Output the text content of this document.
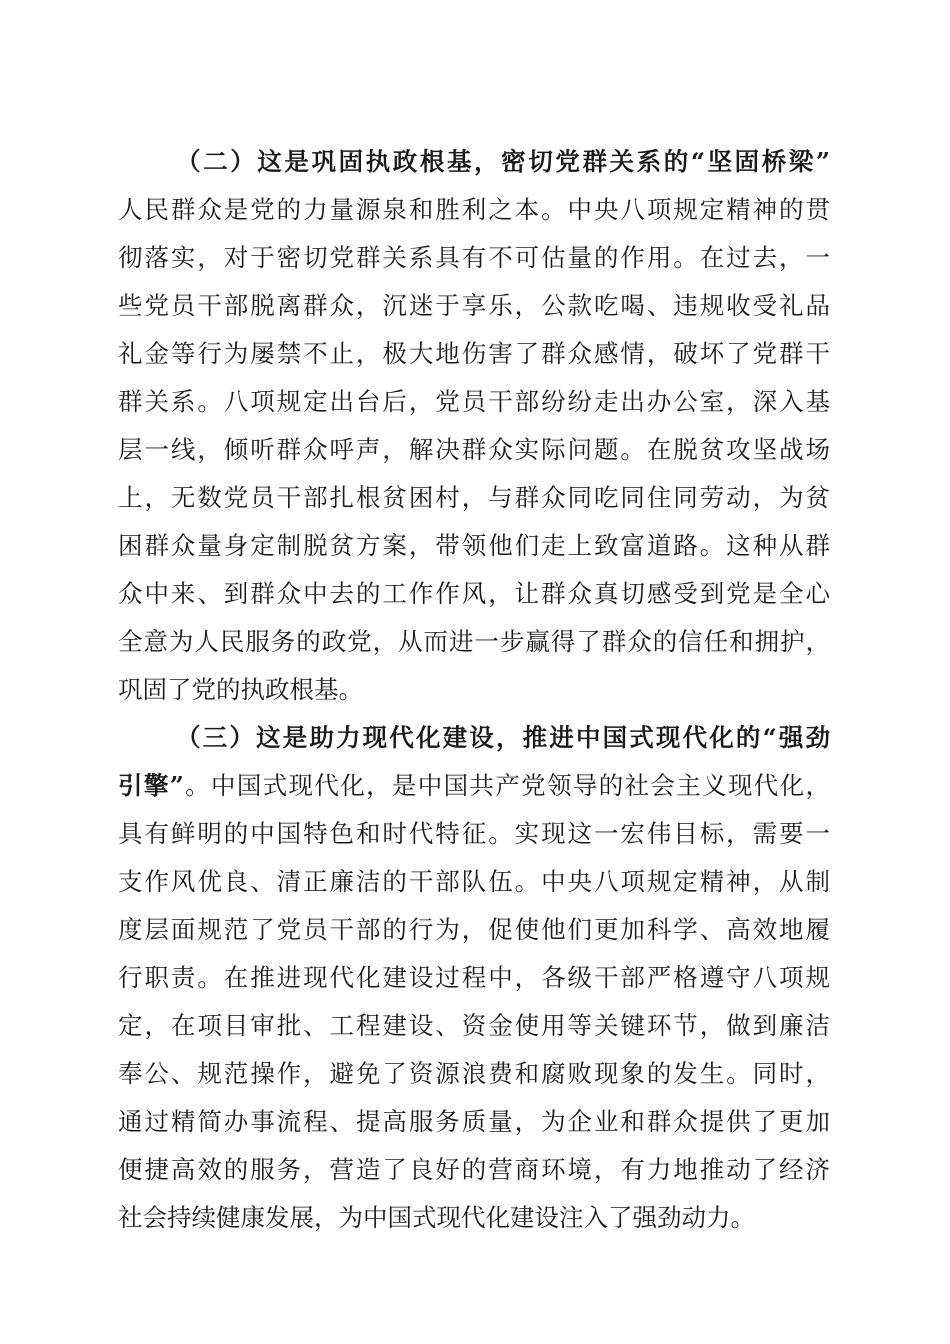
（二）这是巩固执政根基，密切党群关系的“坚固桥梁”
人民群众是党的力量源泉和胜利之本。中央八项规定精神的贯
彻落实，对于密切党群关系具有不可估量的作用。在过去，一
些党员干部脱离群众，沉迷于享乐，公款吃喝、违规收受礼品
礼金等行为屡禁不止，极大地伤害了群众感情，破坏了党群干
群关系。八项规定出台后，党员干部纷纷走出办公室，深入基
层一线，倾听群众呼声，解决群众实际问题。在脱贫攻坚战场
上，无数党员干部扎根贫困村，与群众同吃同住同劳动，为贫
困群众量身定制脱贫方案，带领他们走上致富道路。这种从群
众中来、到群众中去的工作作风，让群众真切感受到党是全心
全意为人民服务的政党，从而进一步赢得了群众的信任和拥护，
巩固了党的执政根基。
（三）这是助力现代化建设，推进中国式现代化的“强劲
引擎”。中国式现代化，是中国共产党领导的社会主义现代化，
具有鲜明的中国特色和时代特征。实现这一宏伟目标，需要一
支作风优良、清正廉洁的干部队伍。中央八项规定精神，从制
度层面规范了党员干部的行为，促使他们更加科学、高效地履
行职责。在推进现代化建设过程中，各级干部严格遵守八项规
定，在项目审批、工程建设、资金使用等关键环节，做到廉洁
奉公、规范操作，避免了资源浪费和腐败现象的发生。同时，
通过精简办事流程、提高服务质量，为企业和群众提供了更加
便捷高效的服务，营造了良好的营商环境，有力地推动了经济
社会持续健康发展，为中国式现代化建设注入了强劲动力。
